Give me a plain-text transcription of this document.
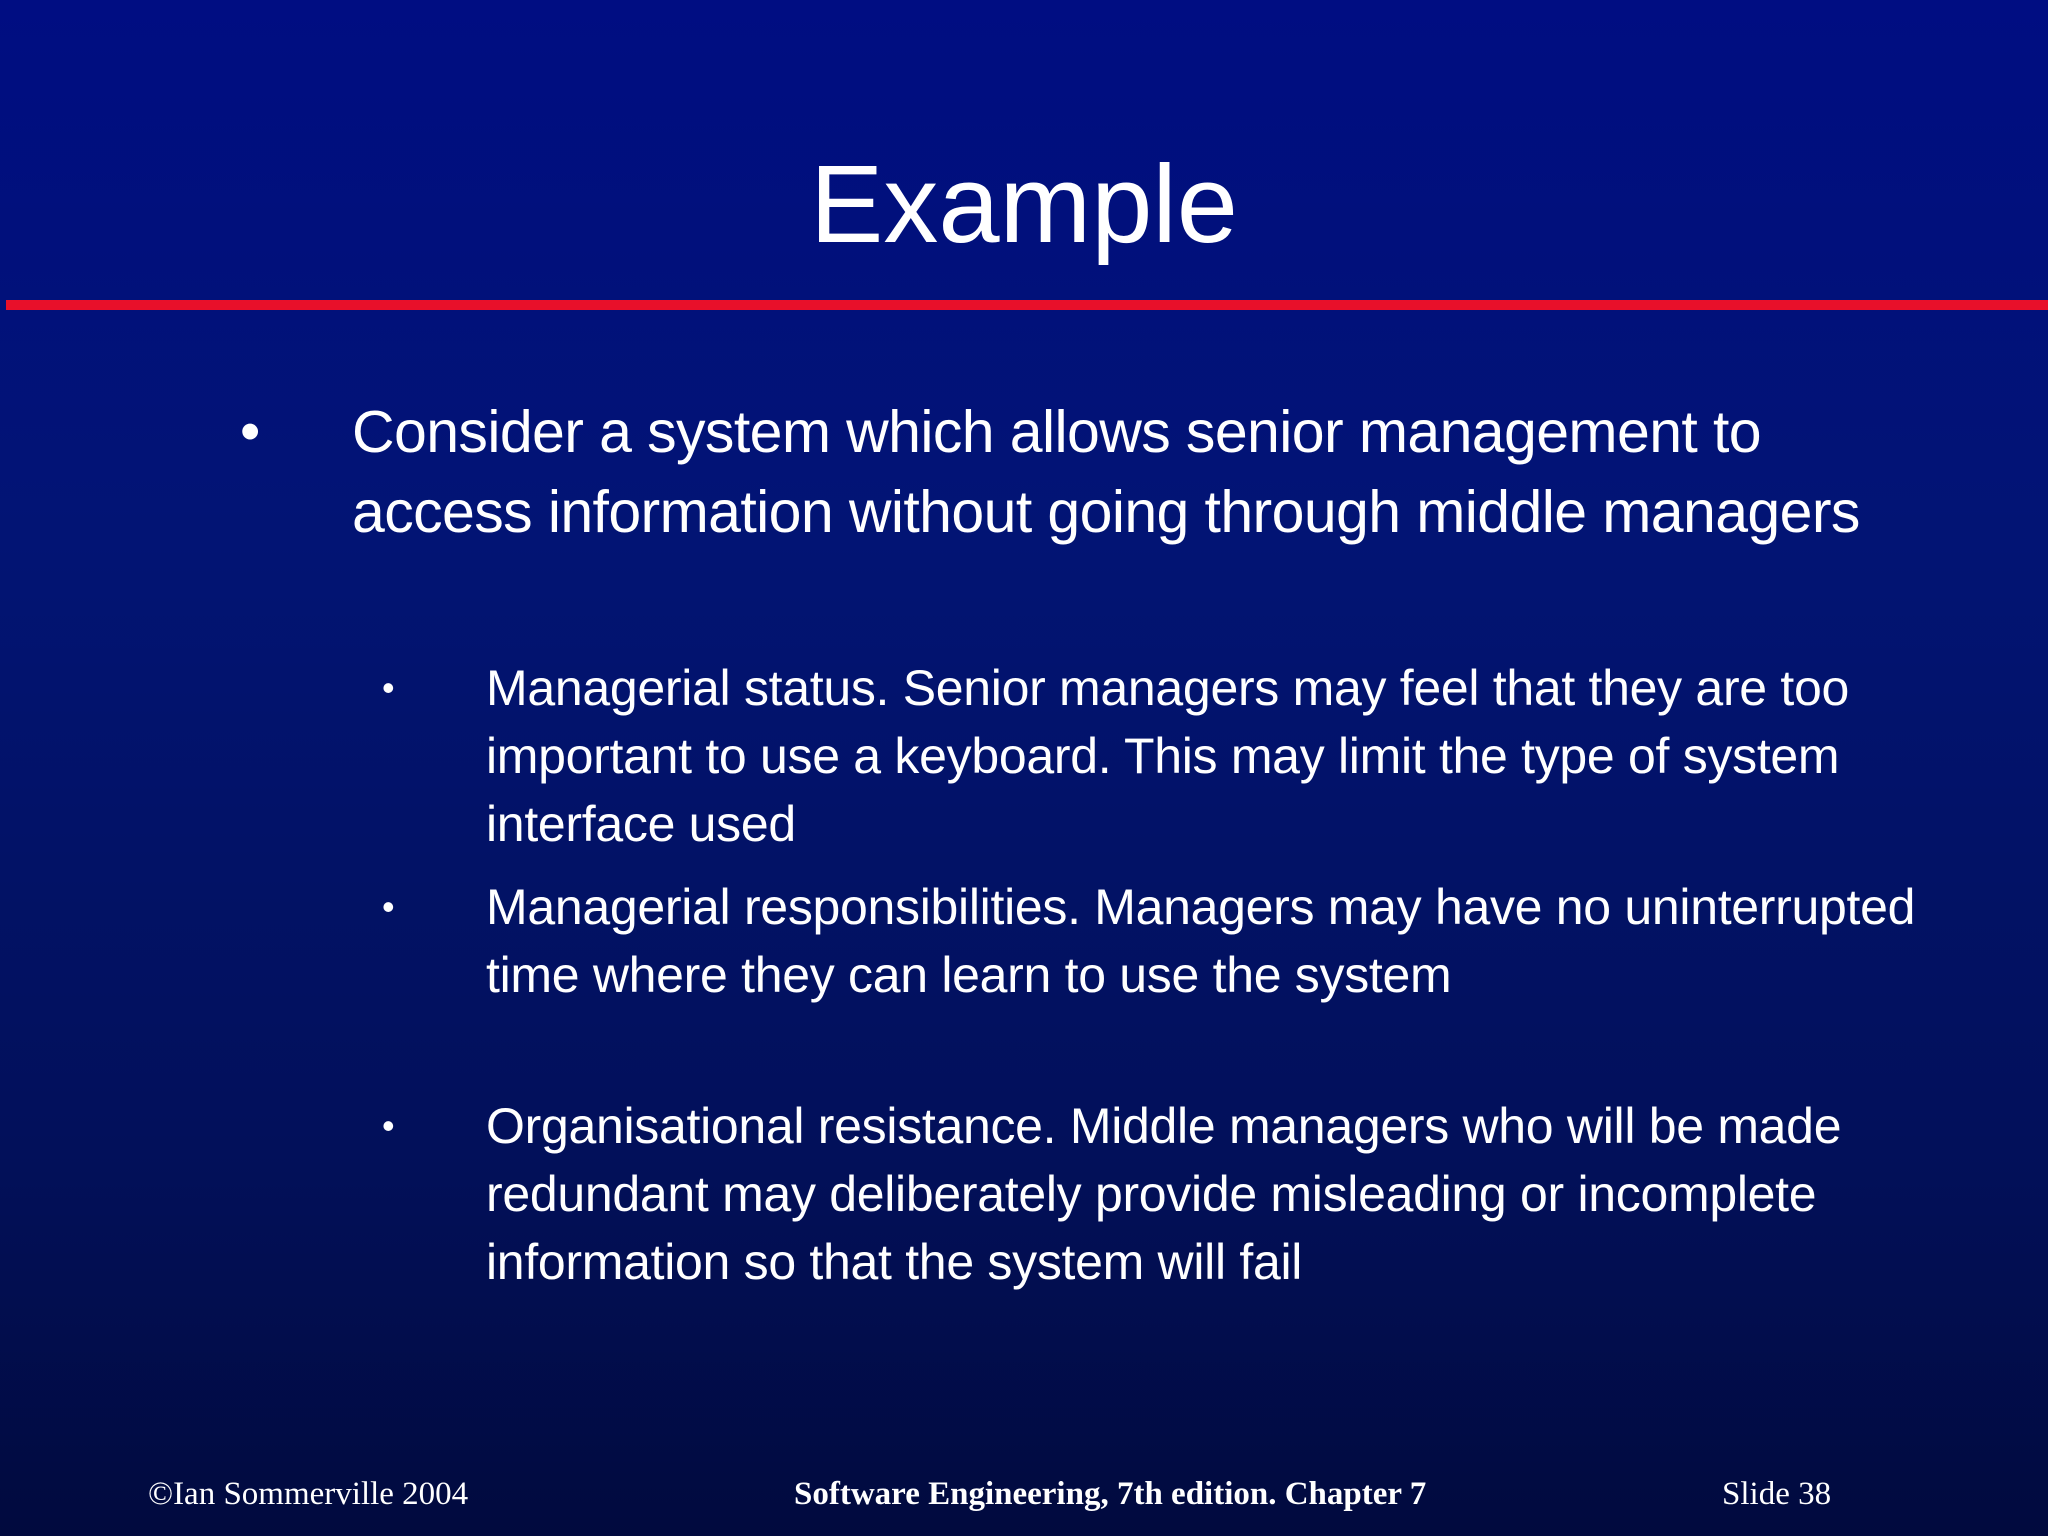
Example
• Consider a system which allows senior management to access information without going through middle managers
• Managerial status. Senior managers may feel that they are too important to use a keyboard. This may limit the type of system interface used
• Managerial responsibilities. Managers may have no uninterrupted time where they can learn to use the system
• Organisational resistance. Middle managers who will be made redundant may deliberately provide misleading or incomplete information so that the system will fail
©Ian Sommerville 2004	Software Engineering, 7th edition. Chapter 7	Slide 38
